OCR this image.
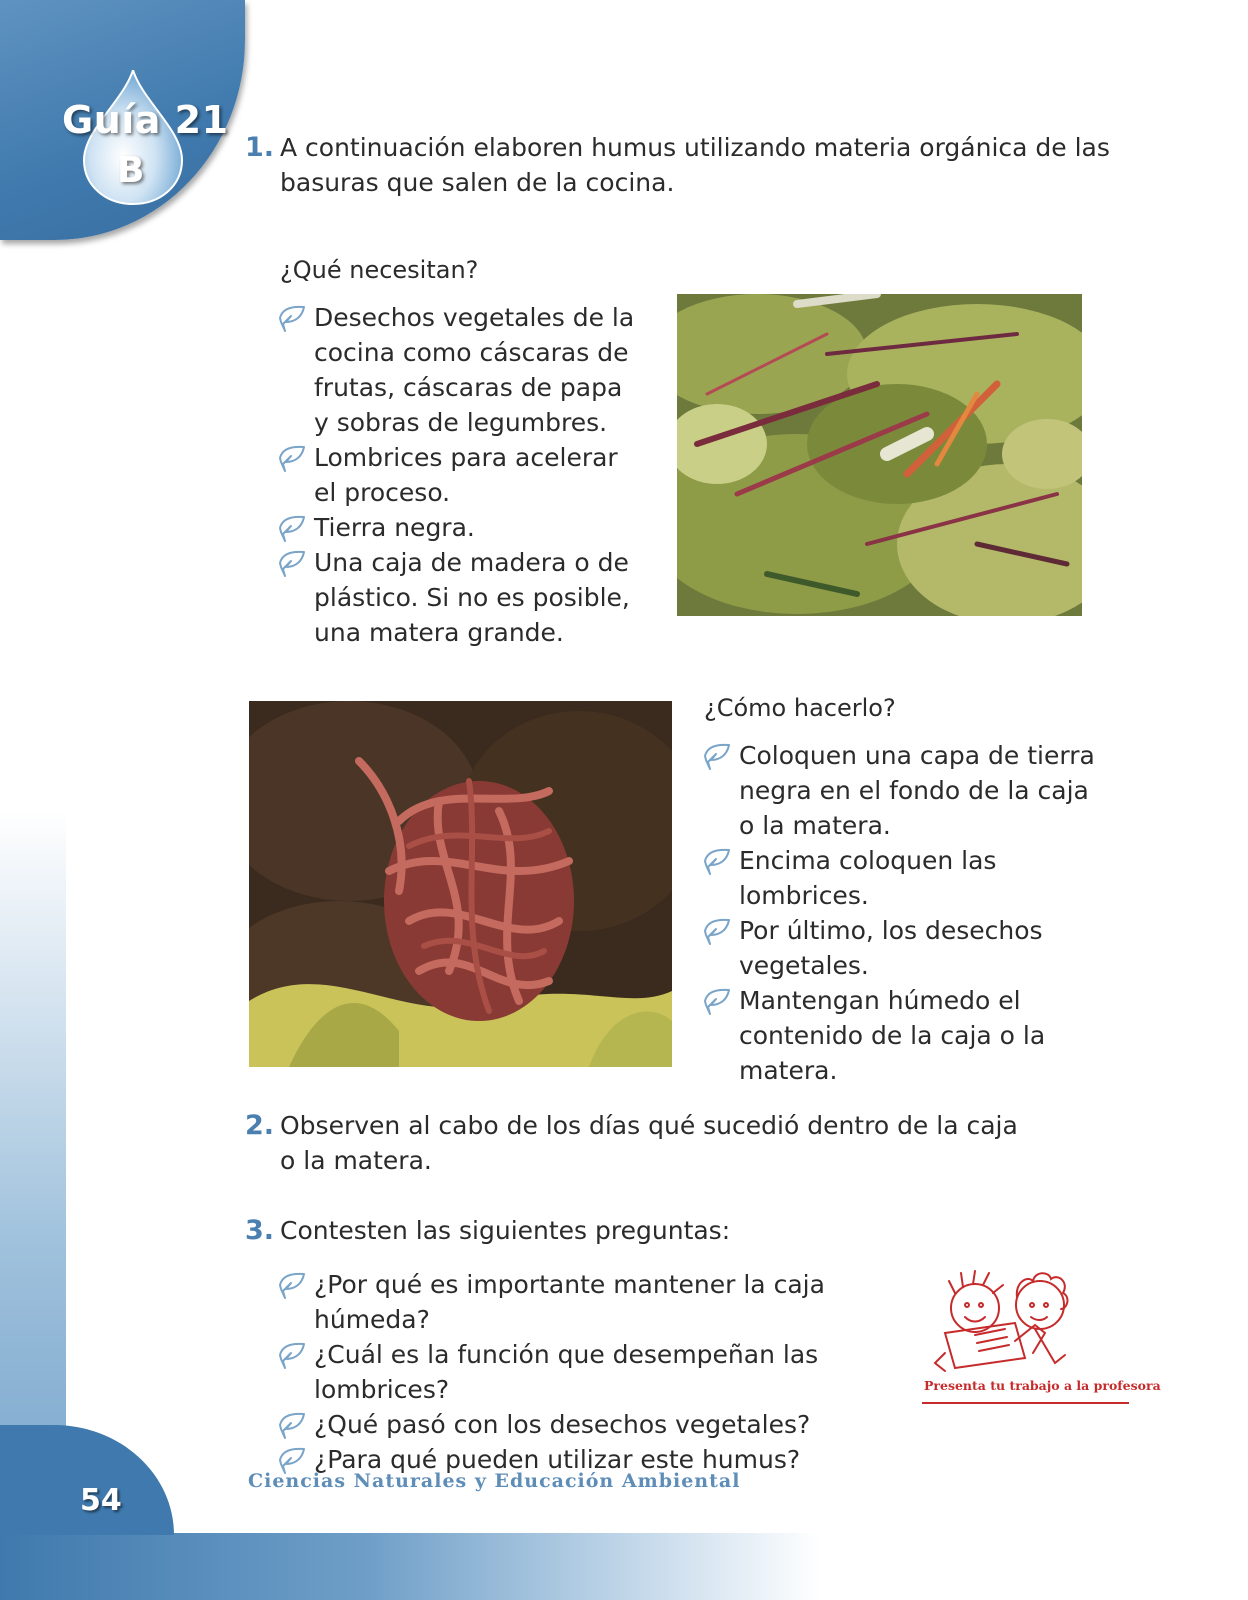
Guía 21
B
1. A continuación elaboren humus utilizando materia orgánica de las
basuras que salen de la cocina.
¿Qué necesitan?
Desechos vegetales de la
cocina como cáscaras de
frutas, cáscaras de papa
y sobras de legumbres.
Lombrices para acelerar
el proceso.
Tierra negra.
Una caja de madera o de
plástico. Si no es posible,
una matera grande.
¿Cómo hacerlo?
Coloquen una capa de tierra
negra en el fondo de la caja
o la matera.
Encima coloquen las
lombrices.
Por último, los desechos
vegetales.
Mantengan húmedo el
contenido de la caja o la
matera.
2. Observen al cabo de los días qué sucedió dentro de la caja
o la matera.
3. Contesten las siguientes preguntas:
¿Por qué es importante mantener la caja húmeda?
¿Cuál es la función que desempeñan las lombrices?
¿Qué pasó con los desechos vegetales?
¿Para qué pueden utilizar este humus?
Presenta tu trabajo a la profesora
54
Ciencias Naturales y Educación Ambiental
